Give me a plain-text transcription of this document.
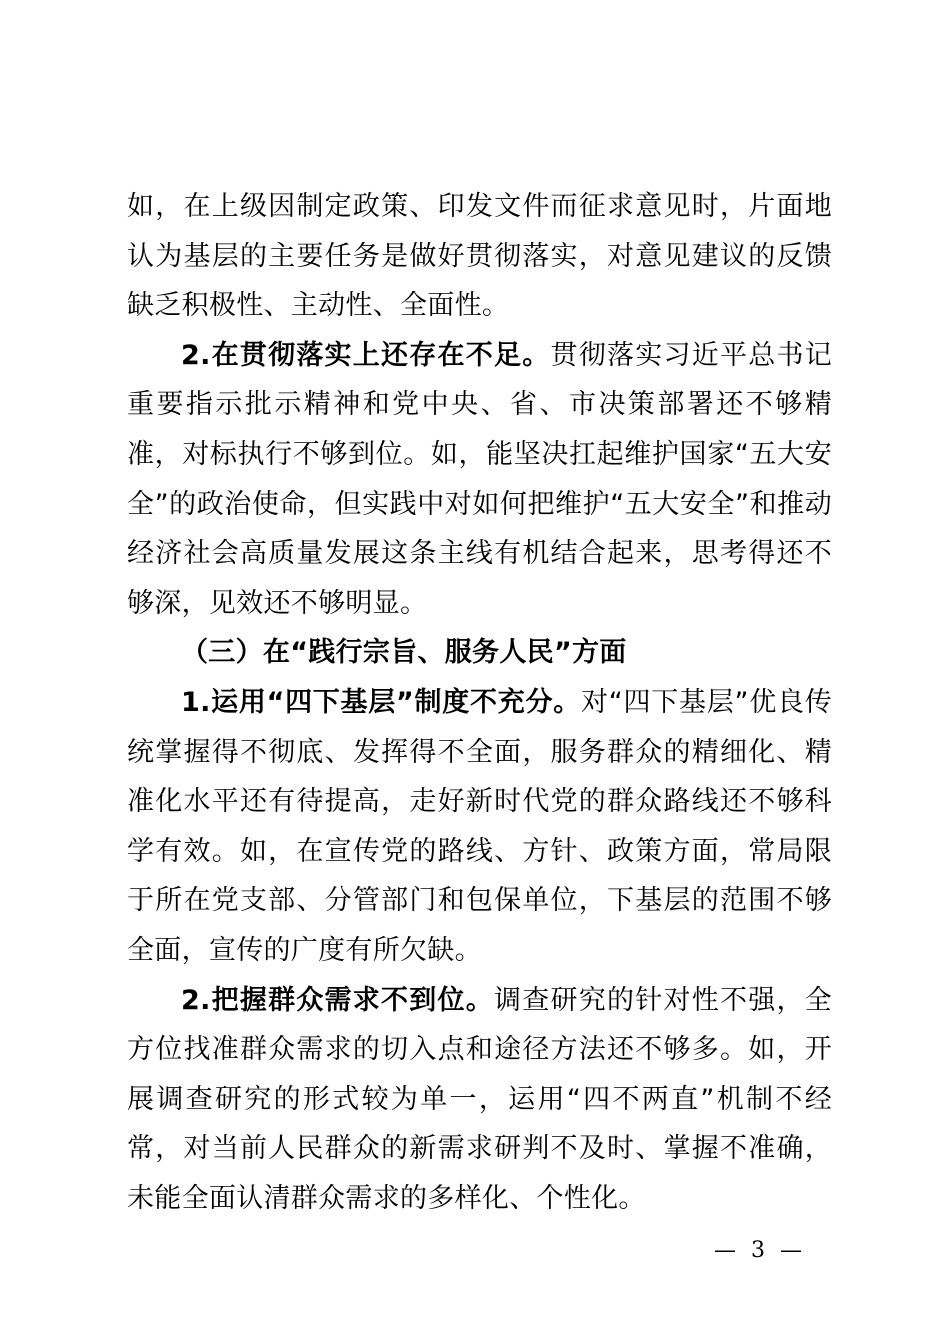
如，在上级因制定政策、印发文件而征求意见时，片面地认为基层的主要任务是做好贯彻落实，对意见建议的反馈缺乏积极性、主动性、全面性。

2.在贯彻落实上还存在不足。贯彻落实习近平总书记重要指示批示精神和党中央、省、市决策部署还不够精准，对标执行不够到位。如，能坚决扛起维护国家“五大安全”的政治使命，但实践中对如何把维护“五大安全”和推动经济社会高质量发展这条主线有机结合起来，思考得还不够深，见效还不够明显。

（三）在“践行宗旨、服务人民”方面

1.运用“四下基层”制度不充分。对“四下基层”优良传统掌握得不彻底、发挥得不全面，服务群众的精细化、精准化水平还有待提高，走好新时代党的群众路线还不够科学有效。如，在宣传党的路线、方针、政策方面，常局限于所在党支部、分管部门和包保单位，下基层的范围不够全面，宣传的广度有所欠缺。

2.把握群众需求不到位。调查研究的针对性不强，全方位找准群众需求的切入点和途径方法还不够多。如，开展调查研究的形式较为单一，运用“四不两直”机制不经常，对当前人民群众的新需求研判不及时、掌握不准确，未能全面认清群众需求的多样化、个性化。

— 3 —
